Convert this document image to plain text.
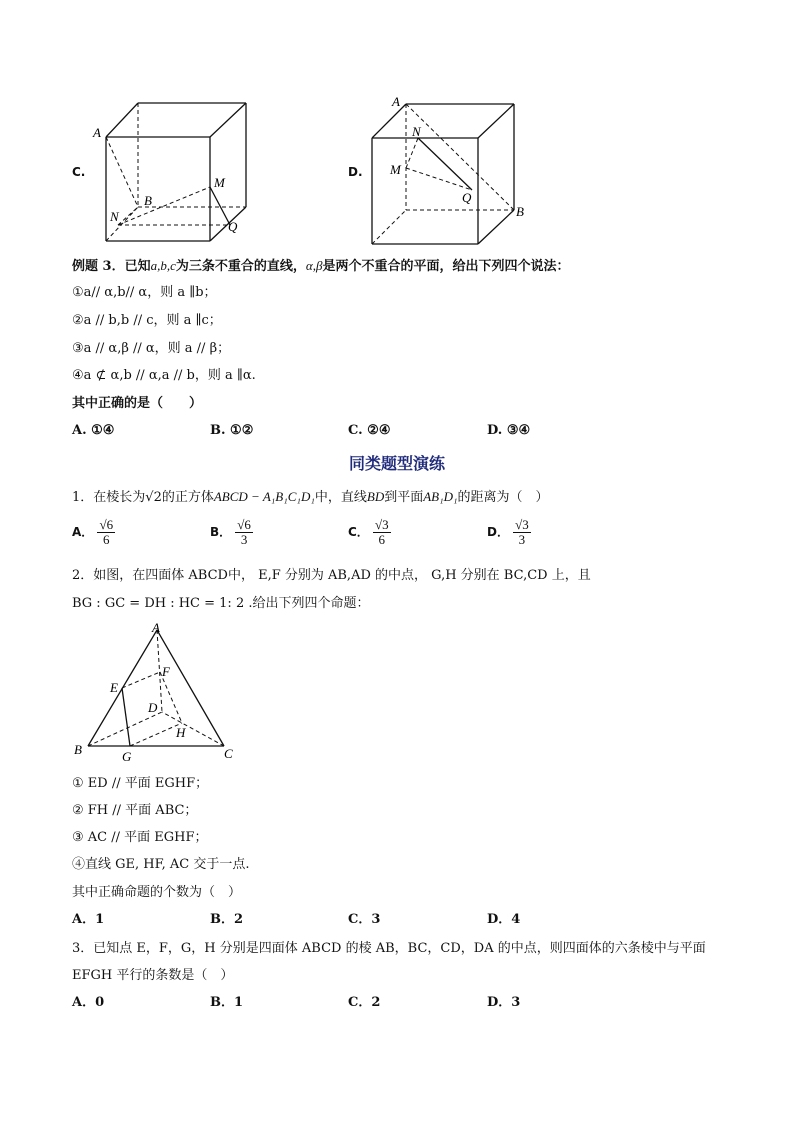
C.
A
B
M
N
Q
D.
A
N
M
Q
B
例题 3．已知a,b,c为三条不重合的直线，α,β是两个不重合的平面，给出下列四个说法：
①a// α,b// α，则 a ∥b；
②a // b,b // c，则 a ∥c；
③a // α,β // α，则 a // β；
④a ⊄ α,b // α,a // b，则 a ∥α.
其中正确的是（　　）
A. ①④	B. ①②	C. ②④	D. ③④
同类题型演练
1．在棱长为√2的正方体ABCD − A₁B₁C₁D₁中，直线BD到平面AB₁D₁的距离为（　）
A． $\frac{√6}{6}$	B． $\frac{√6}{3}$	C． $\frac{√3}{6}$	D． $\frac{√3}{3}$
2．如图，在四面体 ABCD中， E,F 分别为 AB,AD 的中点， G,H 分别在 BC,CD 上，且
BG : GC = DH : HC = 1: 2 .给出下列四个命题：
A
B	C
D
E
F
G
H
① ED // 平面 EGHF；
② FH // 平面 ABC；
③ AC // 平面 EGHF；
④直线 GE, HF, AC 交于一点.
其中正确命题的个数为（　）
A．1	B．2	C．3	D．4
3．已知点 E，F，G，H 分别是四面体 ABCD 的棱 AB，BC，CD，DA 的中点，则四面体的六条棱中与平面
EFGH 平行的条数是（　）
A．0	B．1	C．2	D．3
